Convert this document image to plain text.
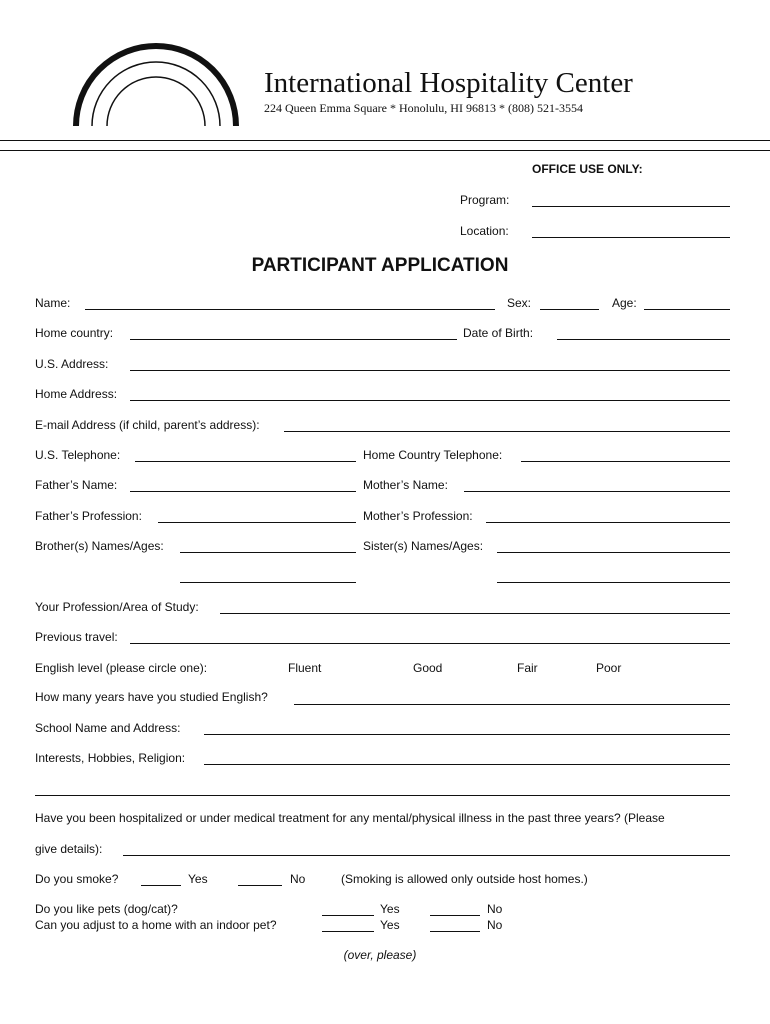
International Hospitality Center
224 Queen Emma Square * Honolulu, HI 96813 * (808) 521-3554
OFFICE USE ONLY:
Program:
Location:
PARTICIPANT APPLICATION
Name:	Sex:	Age:
Home country:	Date of Birth:
U.S. Address:
Home Address:
E-mail Address (if child, parent’s address):
U.S. Telephone:	Home Country Telephone:
Father’s Name:	Mother’s Name:
Father’s Profession:	Mother’s Profession:
Brother(s) Names/Ages:	Sister(s) Names/Ages:
Your Profession/Area of Study:
Previous travel:
English level (please circle one):	Fluent	Good	Fair	Poor
How many years have you studied English?
School Name and Address:
Interests, Hobbies, Religion:
Have you been hospitalized or under medical treatment for any mental/physical illness in the past three years? (Please
give details):
Do you smoke?	Yes	No	(Smoking is allowed only outside host homes.)
Do you like pets (dog/cat)?	Yes	No
Can you adjust to a home with an indoor pet?	Yes	No
(over, please)
